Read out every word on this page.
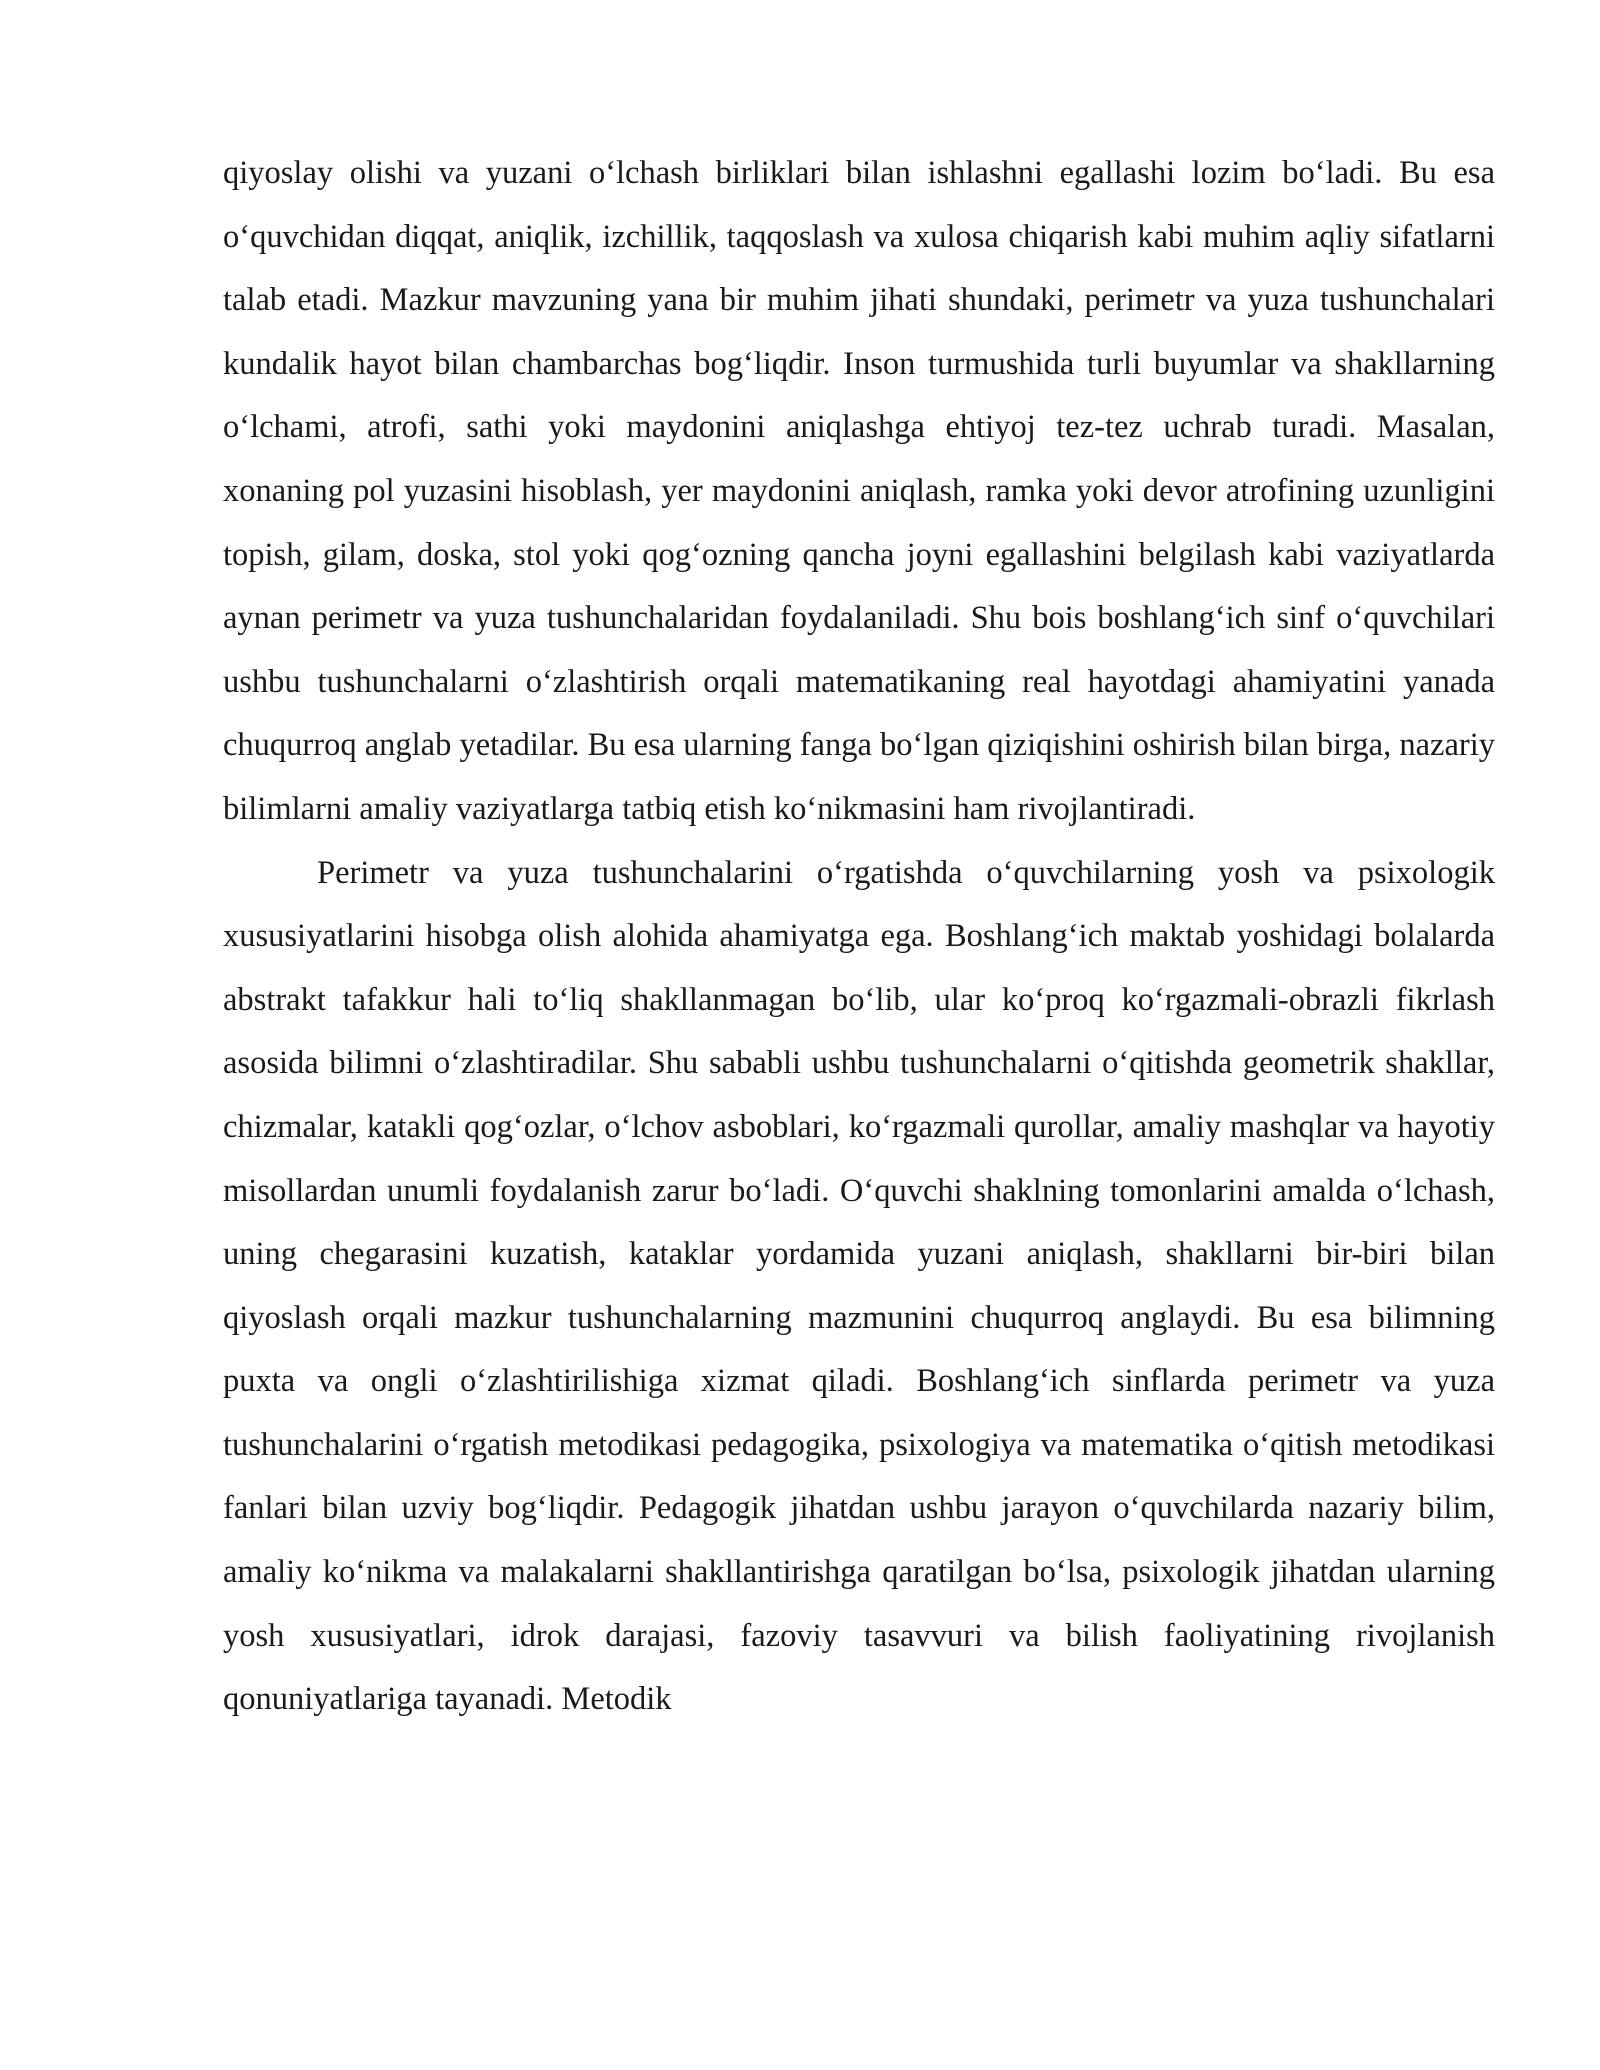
qiyoslay olishi va yuzani oʻlchash birliklari bilan ishlashni egallashi lozim boʻladi. Bu esa oʻquvchidan diqqat, aniqlik, izchillik, taqqoslash va xulosa chiqarish kabi muhim aqliy sifatlarni talab etadi. Mazkur mavzuning yana bir muhim jihati shundaki, perimetr va yuza tushunchalari kundalik hayot bilan chambarchas bogʻliqdir. Inson turmushida turli buyumlar va shakllarning oʻlchami, atrofi, sathi yoki maydonini aniqlashga ehtiyoj tez-tez uchrab turadi. Masalan, xonaning pol yuzasini hisoblash, yer maydonini aniqlash, ramka yoki devor atrofining uzunligini topish, gilam, doska, stol yoki qogʻozning qancha joyni egallashini belgilash kabi vaziyatlarda aynan perimetr va yuza tushunchalaridan foydalaniladi. Shu bois boshlangʻich sinf oʻquvchilari ushbu tushunchalarni oʻzlashtirish orqali matematikaning real hayotdagi ahamiyatini yanada chuqurroq anglab yetadilar. Bu esa ularning fanga boʻlgan qiziqishini oshirish bilan birga, nazariy bilimlarni amaliy vaziyatlarga tatbiq etish koʻnikmasini ham rivojlantiradi.

Perimetr va yuza tushunchalarini oʻrgatishda oʻquvchilarning yosh va psixologik xususiyatlarini hisobga olish alohida ahamiyatga ega. Boshlangʻich maktab yoshidagi bolalarda abstrakt tafakkur hali toʻliq shakllanmagan boʻlib, ular koʻproq koʻrgazmali-obrazli fikrlash asosida bilimni oʻzlashtiradilar. Shu sababli ushbu tushunchalarni oʻqitishda geometrik shakllar, chizmalar, katakli qogʻozlar, oʻlchov asboblari, koʻrgazmali qurollar, amaliy mashqlar va hayotiy misollardan unumli foydalanish zarur boʻladi. Oʻquvchi shaklning tomonlarini amalda oʻlchash, uning chegarasini kuzatish, kataklar yordamida yuzani aniqlash, shakllarni bir-biri bilan qiyoslash orqali mazkur tushunchalarning mazmunini chuqurroq anglaydi. Bu esa bilimning puxta va ongli oʻzlashtirilishiga xizmat qiladi. Boshlangʻich sinflarda perimetr va yuza tushunchalarini oʻrgatish metodikasi pedagogika, psixologiya va matematika oʻqitish metodikasi fanlari bilan uzviy bogʻliqdir. Pedagogik jihatdan ushbu jarayon oʻquvchilarda nazariy bilim, amaliy koʻnikma va malakalarni shakllantirishga qaratilgan boʻlsa, psixologik jihatdan ularning yosh xususiyatlari, idrok darajasi, fazoviy tasavvuri va bilish faoliyatining rivojlanish qonuniyatlariga tayanadi. Metodik
